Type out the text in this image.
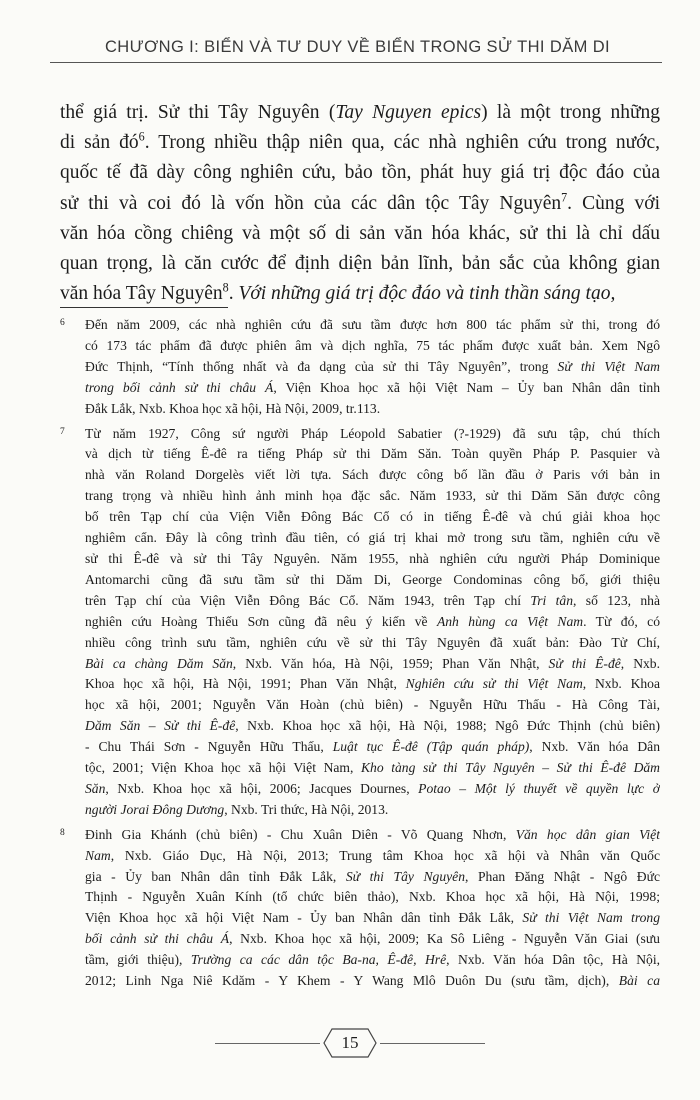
CHƯƠNG I: BIỂN VÀ TƯ DUY VỀ BIỂN TRONG SỬ THI DĂM DI
thể giá trị. Sử thi Tây Nguyên (Tay Nguyen epics) là một trong những
di sản $đó^6$. Trong nhiều thập niên qua, các nhà nghiên cứu trong nước,
quốc tế đã dày công nghiên cứu, bảo tồn, phát huy giá trị độc đáo của
sử thi và coi đó là vốn hồn của các dân tộc Tây Nguyên$^7$. Cùng với
văn hóa cồng chiêng và một số di sản văn hóa khác, sử thi là chỉ dấu
quan trọng, là căn cước để định diện bản lĩnh, bản sắc của không gian
văn hóa Tây Nguyên$^8$. Với những giá trị độc đáo và tinh thần sáng tạo,
6 Đến năm 2009, các nhà nghiên cứu đã sưu tầm được hơn 800 tác phẩm sử thi, trong đó
có 173 tác phẩm đã được phiên âm và dịch nghĩa, 75 tác phẩm được xuất bản. Xem Ngô
Đức Thịnh, “Tính thống nhất và đa dạng của sử thi Tây Nguyên”, trong Sử thi Việt Nam
trong bối cảnh sử thi châu Á, Viện Khoa học xã hội Việt Nam – Ủy ban Nhân dân tỉnh
Đắk Lắk, Nxb. Khoa học xã hội, Hà Nội, 2009, tr.113.
7 Từ năm 1927, Công sứ người Pháp Léopold Sabatier (?-1929) đã sưu tập, chú thích
và dịch từ tiếng Ê-đê ra tiếng Pháp sử thi Dăm Săn. Toàn quyền Pháp P. Pasquier và
nhà văn Roland Dorgelès viết lời tựa. Sách được công bố lần đầu ở Paris với bản in
trang trọng và nhiều hình ảnh minh họa đặc sắc. Năm 1933, sử thi Dăm Săn được công
bố trên Tạp chí của Viện Viễn Đông Bác Cổ có in tiếng Ê-đê và chú giải khoa học
nghiêm cẩn. Đây là công trình đầu tiên, có giá trị khai mở trong sưu tầm, nghiên cứu về
sử thi Ê-đê và sử thi Tây Nguyên. Năm 1955, nhà nghiên cứu người Pháp Dominique
Antomarchi cũng đã sưu tầm sử thi Dăm Di, George Condominas công bố, giới thiệu
trên Tạp chí của Viện Viễn Đông Bác Cổ. Năm 1943, trên Tạp chí Tri tân, số 123, nhà
nghiên cứu Hoàng Thiếu Sơn cũng đã nêu ý kiến về Anh hùng ca Việt Nam. Từ đó, có
nhiều công trình sưu tầm, nghiên cứu về sử thi Tây Nguyên đã xuất bản: Đào Tử Chí,
Bài ca chàng Dăm Săn, Nxb. Văn hóa, Hà Nội, 1959; Phan Văn Nhật, Sử thi Ê-đê, Nxb.
Khoa học xã hội, Hà Nội, 1991; Phan Văn Nhật, Nghiên cứu sử thi Việt Nam, Nxb. Khoa
học xã hội, 2001; Nguyễn Văn Hoàn (chủ biên) - Nguyễn Hữu Thấu - Hà Công Tài,
Dăm Săn – Sử thi Ê-đê, Nxb. Khoa học xã hội, Hà Nội, 1988; Ngô Đức Thịnh (chủ biên)
- Chu Thái Sơn - Nguyễn Hữu Thấu, Luật tục Ê-đê (Tập quán pháp), Nxb. Văn hóa Dân
tộc, 2001; Viện Khoa học xã hội Việt Nam, Kho tàng sử thi Tây Nguyên – Sử thi Ê-đê Dăm
Săn, Nxb. Khoa học xã hội, 2006; Jacques Dournes, Potao – Một lý thuyết về quyền lực ở
người Jorai Đông Dương, Nxb. Tri thức, Hà Nội, 2013.
8 Đinh Gia Khánh (chủ biên) - Chu Xuân Diên - Võ Quang Nhơn, Văn học dân gian Việt
Nam, Nxb. Giáo Dục, Hà Nội, 2013; Trung tâm Khoa học xã hội và Nhân văn Quốc
gia - Ủy ban Nhân dân tỉnh Đắk Lắk, Sử thi Tây Nguyên, Phan Đăng Nhật - Ngô Đức
Thịnh - Nguyễn Xuân Kính (tổ chức biên thảo), Nxb. Khoa học xã hội, Hà Nội, 1998;
Viện Khoa học xã hội Việt Nam - Ủy ban Nhân dân tỉnh Đắk Lắk, Sử thi Việt Nam trong
bối cảnh sử thi châu Á, Nxb. Khoa học xã hội, 2009; Ka Sô Liêng - Nguyễn Văn Giai (sưu
tầm, giới thiệu), Trường ca các dân tộc Ba-na, Ê-đê, Hrê, Nxb. Văn hóa Dân tộc, Hà Nội,
2012; Linh Nga Niê Kdăm - Y Khem - Y Wang Mlô Duôn Du (sưu tầm, dịch), Bài ca
15
